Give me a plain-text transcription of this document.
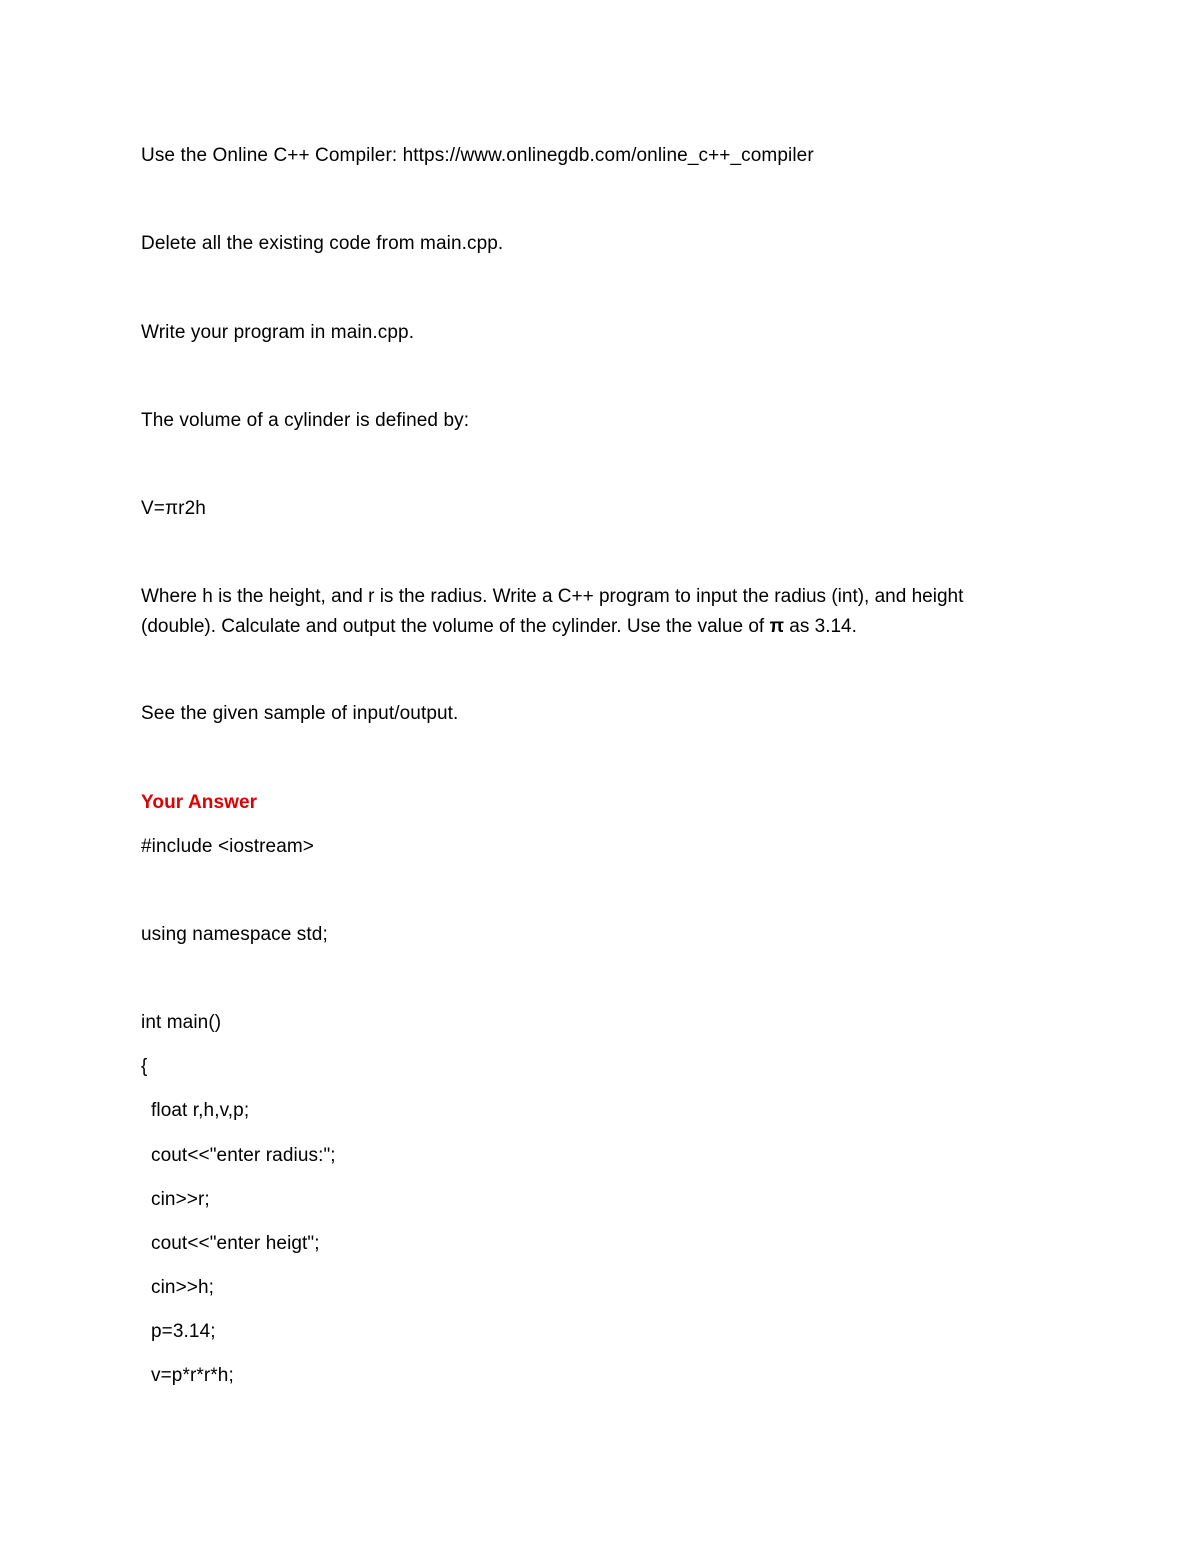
Use the Online C++ Compiler: https://www.onlinegdb.com/online_c++_compiler
Delete all the existing code from main.cpp.
Write your program in main.cpp.
The volume of a cylinder is defined by:
V=πr2h
Where h is the height, and r is the radius. Write a C++ program to input the radius (int), and height (double). Calculate and output the volume of the cylinder. Use the value of π as 3.14.
See the given sample of input/output.
Your Answer
#include <iostream>
using namespace std;
int main()
{
float r,h,v,p;
cout<<"enter radius:";
cin>>r;
cout<<"enter heigt";
cin>>h;
p=3.14;
v=p*r*r*h;
